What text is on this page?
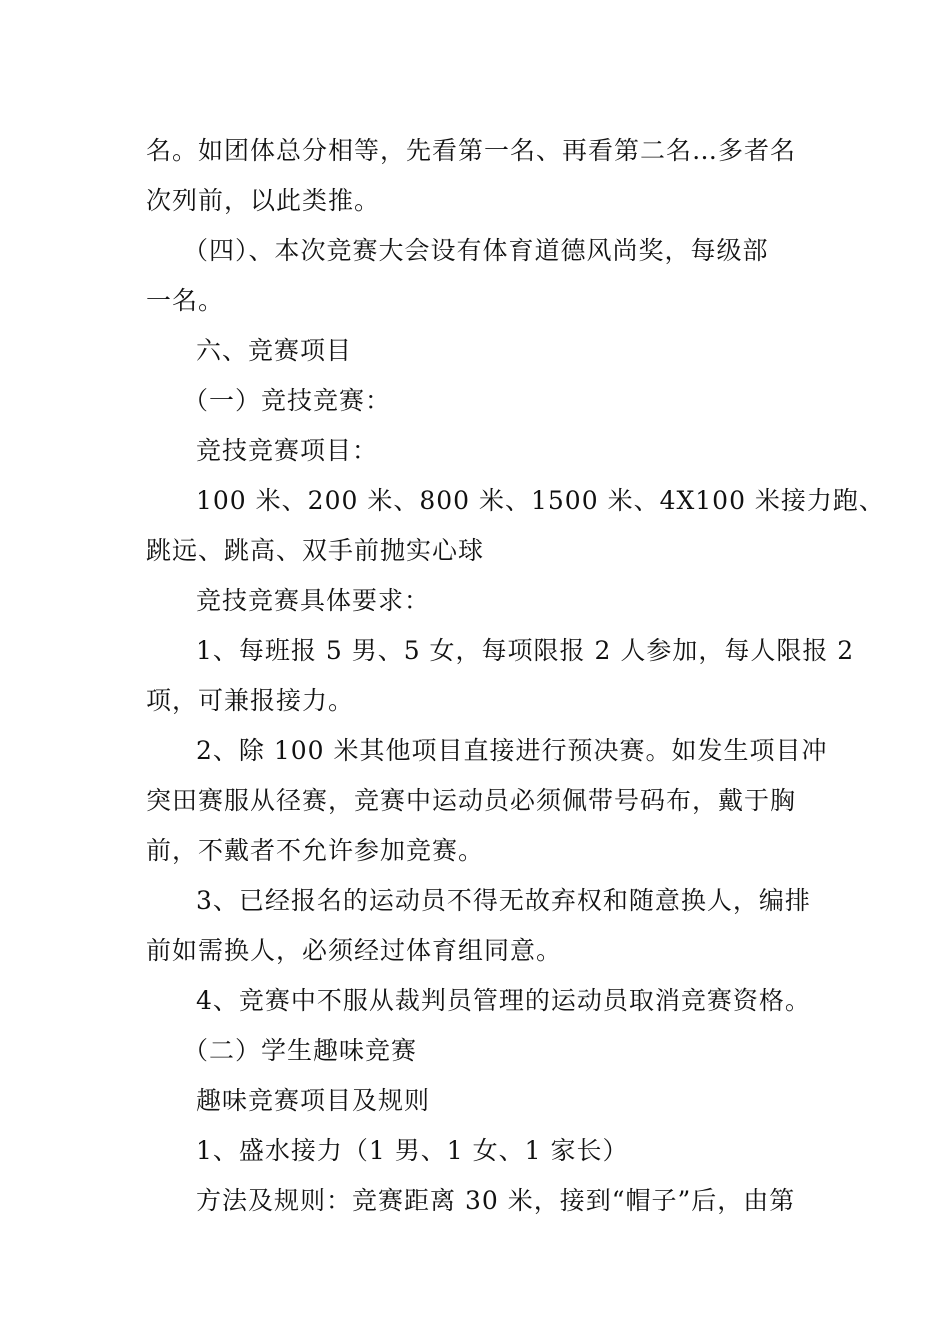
名。如团体总分相等，先看第一名、再看第二名…多者名
次列前，以此类推。
（四）、本次竞赛大会设有体育道德风尚奖，每级部
一名。
六、竞赛项目
（一）竞技竞赛：
竞技竞赛项目：
100 米、200 米、800 米、1500 米、4X100 米接力跑、
跳远、跳高、双手前抛实心球
竞技竞赛具体要求：
1、每班报 5 男、5 女，每项限报 2 人参加，每人限报 2
项，可兼报接力。
2、除 100 米其他项目直接进行预决赛。如发生项目冲
突田赛服从径赛，竞赛中运动员必须佩带号码布，戴于胸
前，不戴者不允许参加竞赛。
3、已经报名的运动员不得无故弃权和随意换人，编排
前如需换人，必须经过体育组同意。
4、竞赛中不服从裁判员管理的运动员取消竞赛资格。
（二）学生趣味竞赛
趣味竞赛项目及规则
1、盛水接力（1 男、1 女、1 家长）
方法及规则：竞赛距离 30 米，接到“帽子”后，由第
